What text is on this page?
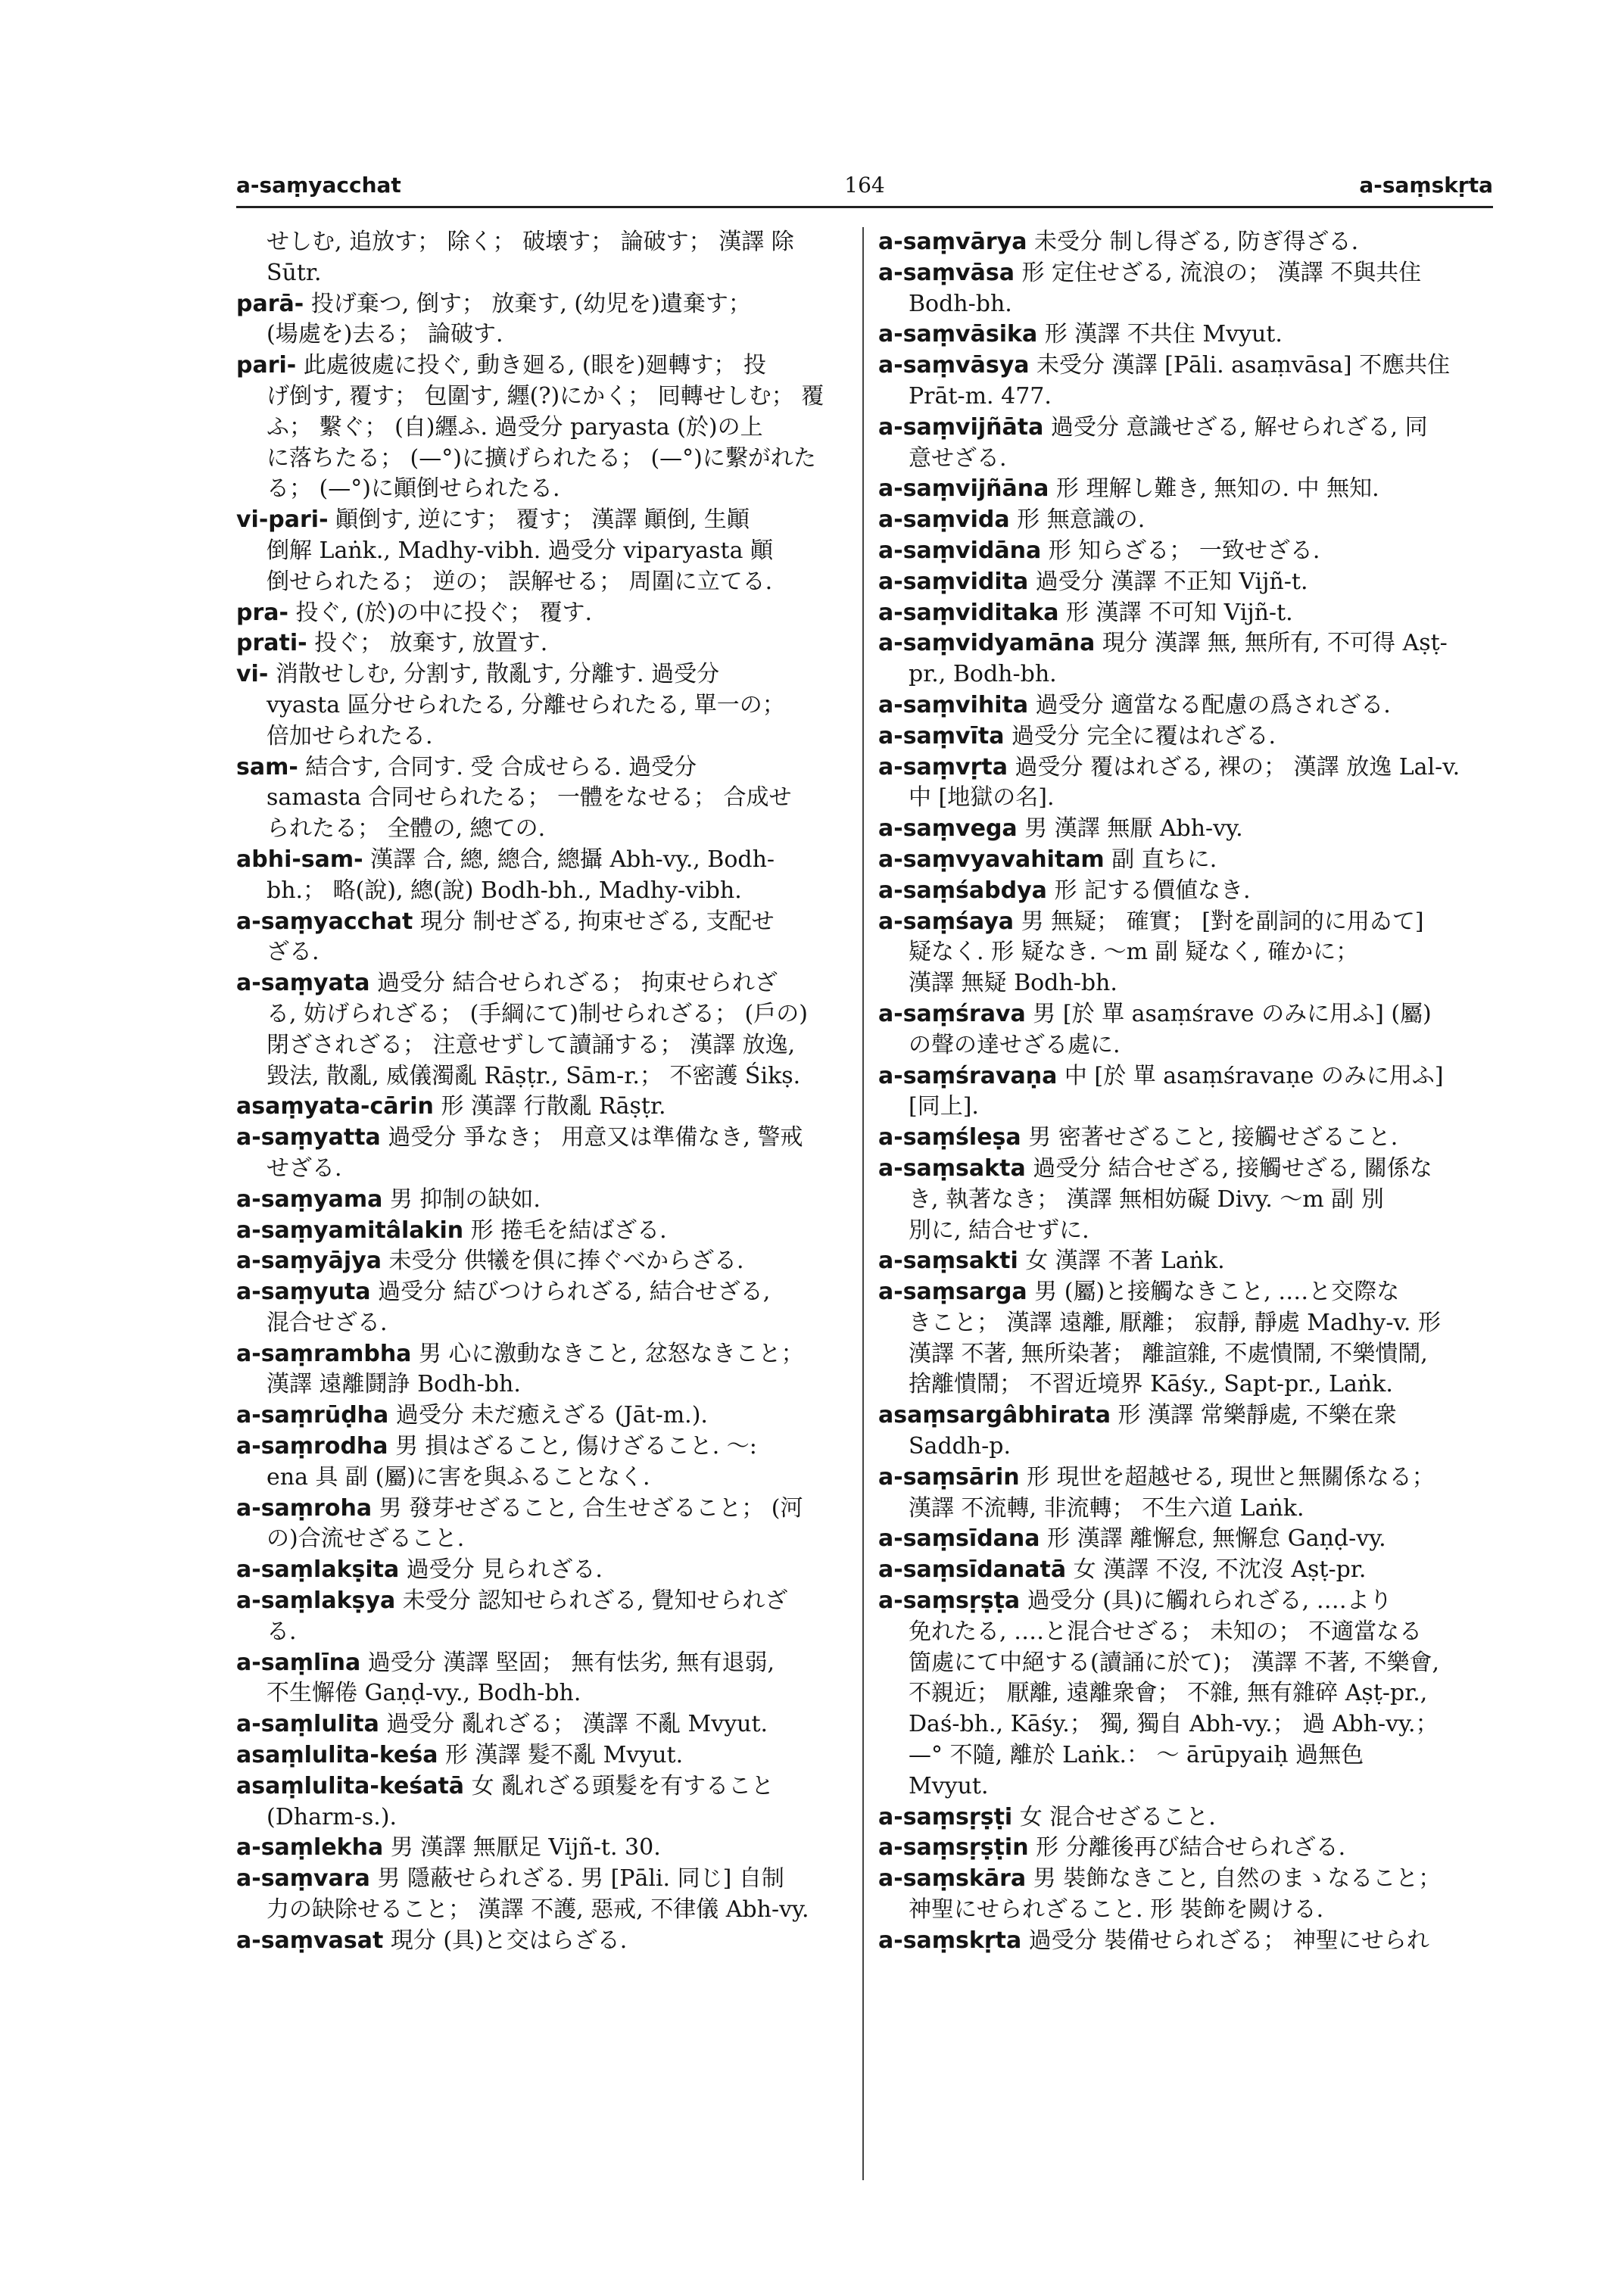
a-saṃyacchat	164	a-saṃskṛta
せしむ, 追放す； 除く； 破壊す； 論破す； 漢譯 除
Sūtr.
parā- 投げ棄つ, 倒す； 放棄す, (幼児を)遺棄す；
(場處を)去る； 論破す.
pari- 此處彼處に投ぐ, 動き廻る, (眼を)廻轉す； 投
げ倒す, 覆す； 包圍す, 纒(?)にかく； 囘轉せしむ； 覆
ふ； 繫ぐ； (自)纒ふ. 過受分 paryasta (於)の上
に落ちたる； (—°)に擴げられたる； (—°)に繫がれた
る； (—°)に顚倒せられたる.
vi-pari- 顚倒す, 逆にす； 覆す； 漢譯 顚倒, 生顚
倒解 Laṅk., Madhy-vibh. 過受分 viparyasta 顚
倒せられたる； 逆の； 誤解せる； 周圍に立てる.
pra- 投ぐ, (於)の中に投ぐ； 覆す.
prati- 投ぐ； 放棄す, 放置す.
vi- 消散せしむ, 分割す, 散亂す, 分離す. 過受分
vyasta 區分せられたる, 分離せられたる, 單一の；
倍加せられたる.
sam- 結合す, 合同す. 受 合成せらる. 過受分
samasta 合同せられたる； 一體をなせる； 合成せ
られたる； 全體の, 總ての.
abhi-sam- 漢譯 合, 總, 總合, 總攝 Abh-vy., Bodh-
bh.； 略(說), 總(說) Bodh-bh., Madhy-vibh.
a-saṃyacchat 現分 制せざる, 拘束せざる, 支配せ
ざる.
a-saṃyata 過受分 結合せられざる； 拘束せられざ
る, 妨げられざる； (手綱にて)制せられざる； (戶の)
閉ざされざる； 注意せずして讀誦する； 漢譯 放逸,
毀法, 散亂, 威儀濁亂 Rāṣṭr., Sām-r.； 不密護 Śikṣ.
asaṃyata-cārin 形 漢譯 行散亂 Rāṣṭr.
a-saṃyatta 過受分 爭なき； 用意又は準備なき, 警戒
せざる.
a-saṃyama 男 抑制の缺如.
a-saṃyamitâlakin 形 捲毛を結ばざる.
a-saṃyājya 未受分 供犧を俱に捧ぐべからざる.
a-saṃyuta 過受分 結びつけられざる, 結合せざる,
混合せざる.
a-saṃrambha 男 心に激動なきこと, 忿怒なきこと；
漢譯 遠離鬪諍 Bodh-bh.
a-saṃrūḍha 過受分 未だ癒えざる (Jāt-m.).
a-saṃrodha 男 損はざること, 傷けざること. 〜:
ena 具 副 (屬)に害を與ふることなく.
a-saṃroha 男 發芽せざること, 合生せざること； (河
の)合流せざること.
a-saṃlakṣita 過受分 見られざる.
a-saṃlakṣya 未受分 認知せられざる, 覺知せられざ
る.
a-saṃlīna 過受分 漢譯 堅固； 無有怯劣, 無有退弱,
不生懈倦 Gaṇḍ-vy., Bodh-bh.
a-saṃlulita 過受分 亂れざる； 漢譯 不亂 Mvyut.
asaṃlulita-keśa 形 漢譯 髮不亂 Mvyut.
asaṃlulita-keśatā 女 亂れざる頭髮を有すること
(Dharm-s.).
a-saṃlekha 男 漢譯 無厭足 Vijñ-t. 30.
a-saṃvara 男 隱蔽せられざる. 男 [Pāli. 同じ] 自制
力の缺除せること； 漢譯 不護, 惡戒, 不律儀 Abh-vy.
a-saṃvasat 現分 (具)と交はらざる.
a-saṃvārya 未受分 制し得ざる, 防ぎ得ざる.
a-saṃvāsa 形 定住せざる, 流浪の； 漢譯 不與共住
Bodh-bh.
a-saṃvāsika 形 漢譯 不共住 Mvyut.
a-saṃvāsya 未受分 漢譯 [Pāli. asaṃvāsa] 不應共住
Prāt-m. 477.
a-saṃvijñāta 過受分 意識せざる, 解せられざる, 同
意せざる.
a-saṃvijñāna 形 理解し難き, 無知の. 中 無知.
a-saṃvida 形 無意識の.
a-saṃvidāna 形 知らざる； 一致せざる.
a-saṃvidita 過受分 漢譯 不正知 Vijñ-t.
a-saṃviditaka 形 漢譯 不可知 Vijñ-t.
a-saṃvidyamāna 現分 漢譯 無, 無所有, 不可得 Aṣṭ-
pr., Bodh-bh.
a-saṃvihita 過受分 適當なる配慮の爲されざる.
a-saṃvīta 過受分 完全に覆はれざる.
a-saṃvṛta 過受分 覆はれざる, 裸の； 漢譯 放逸 Lal-v.
中 [地獄の名].
a-saṃvega 男 漢譯 無厭 Abh-vy.
a-saṃvyavahitam 副 直ちに.
a-saṃśabdya 形 記する價値なき.
a-saṃśaya 男 無疑； 確實； [對を副詞的に用ゐて]
疑なく. 形 疑なき. 〜m 副 疑なく, 確かに；
漢譯 無疑 Bodh-bh.
a-saṃśrava 男 [於 單 asaṃśrave のみに用ふ] (屬)
の聲の達せざる處に.
a-saṃśravaṇa 中 [於 單 asaṃśravaṇe のみに用ふ]
[同上].
a-saṃśleṣa 男 密著せざること, 接觸せざること.
a-saṃsakta 過受分 結合せざる, 接觸せざる, 關係な
き, 執著なき； 漢譯 無相妨礙 Divy. 〜m 副 別
別に, 結合せずに.
a-saṃsakti 女 漢譯 不著 Laṅk.
a-saṃsarga 男 (屬)と接觸なきこと, ‥‥と交際な
きこと； 漢譯 遠離, 厭離； 寂靜, 靜處 Madhy-v. 形
漢譯 不著, 無所染著； 離諠雜, 不處憒鬧, 不樂憒鬧,
捨離憒鬧； 不習近境界 Kāśy., Sapt-pr., Laṅk.
asaṃsargâbhirata 形 漢譯 常樂靜處, 不樂在衆
Saddh-p.
a-saṃsārin 形 現世を超越せる, 現世と無關係なる；
漢譯 不流轉, 非流轉； 不生六道 Laṅk.
a-saṃsīdana 形 漢譯 離懈怠, 無懈怠 Gaṇḍ-vy.
a-saṃsīdanatā 女 漢譯 不沒, 不沈沒 Aṣṭ-pr.
a-saṃsṛṣṭa 過受分 (具)に觸れられざる, ‥‥より
免れたる, ‥‥と混合せざる； 未知の； 不適當なる
箇處にて中絕する(讀誦に於て)； 漢譯 不著, 不樂會,
不親近； 厭離, 遠離衆會； 不雜, 無有雜碎 Aṣṭ-pr.,
Daś-bh., Kāśy.； 獨, 獨自 Abh-vy.； 過 Abh-vy.；
—° 不隨, 離於 Laṅk.： 〜 ārūpyaiḥ 過無色
Mvyut.
a-saṃsṛṣṭi 女 混合せざること.
a-saṃsṛṣṭin 形 分離後再び結合せられざる.
a-saṃskāra 男 裝飾なきこと, 自然のまゝなること；
神聖にせられざること. 形 裝飾を闕ける.
a-saṃskṛta 過受分 裝備せられざる； 神聖にせられ
